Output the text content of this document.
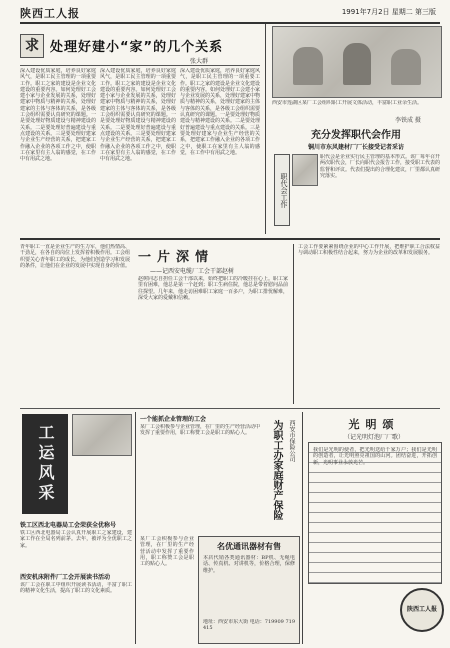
陕西工人报	1991年7月2日 星期二 第三版
求 处理好建小“家”的几个关系
张大群
深入建设优质家庭，培养良好家庭风气，是职工民主管理的一项重要工作。职工之家的建设是企业文化建设的重要内容。如何处理好工会建小家与企业发展的关系，处理好建家中物质与精神的关系，处理好建家的主体与客体的关系，是各级工会组织需要认真研究的课题。一是要处理好物质建设与精神建设的关系。二是要处理好普遍建设与重点建设的关系。三是要处理好建家与企业生产经营的关系，把建家工作融入企业的各项工作之中，使职工在家里有主人翁的感觉，在工作中有用武之地。
深入建设优质家庭，培养良好家庭风气，是职工民主管理的一项重要工作。职工之家的建设是企业文化建设的重要内容。如何处理好工会建小家与企业发展的关系，处理好建家中物质与精神的关系，处理好建家的主体与客体的关系，是各级工会组织需要认真研究的课题。一是要处理好物质建设与精神建设的关系。二是要处理好普遍建设与重点建设的关系。三是要处理好建家与企业生产经营的关系，把建家工作融入企业的各项工作之中，使职工在家里有主人翁的感觉，在工作中有用武之地。
深入建设优质家庭，培养良好家庭风气，是职工民主管理的一项重要工作。职工之家的建设是企业文化建设的重要内容。如何处理好工会建小家与企业发展的关系，处理好建家中物质与精神的关系，处理好建家的主体与客体的关系，是各级工会组织需要认真研究的课题。一是要处理好物质建设与精神建设的关系。二是要处理好普遍建设与重点建设的关系。三是要处理好建家与企业生产经营的关系，把建家工作融入企业的各项工作之中，使职工在家里有主人翁的感觉，在工作中有用武之地。
西安市莲湖区某厂工会组织职工开展文体活动，丰富职工业余生活。
李铁成 摄
充分发挥职代会作用
铜川市东风建材厂厂长接受记者采访
职代会工作
职代会是企业实行民主管理的基本形式。该厂每年召开两次职代会，厂长向职代会报告工作，接受职工代表的监督和评议。代表们提出的合理化建议，厂里都认真研究落实。
青年职工一直是企业生产的生力军，他们热情高、干劲足，在各自的岗位上发挥着积极作用。工会组织要关心青年职工的成长，为他们创造学习和发展的条件，让他们在企业的发展中实现自身的价值。
一片深情
——记西安电缆厂工会干部赵树
赵树同志自担任工会干部以来，始终把职工的冷暖挂在心上。职工家里有困难，他总是第一个赶到；职工生病住院，他总是带着慰问品前往探望。几年来，他走访困难职工家庭一百多户，为职工排忧解难，深受大家的爱戴和信赖。
工会工作要紧紧围绕企业的中心工作开展，把维护职工合法权益与调动职工积极性结合起来，努力为企业的改革和发展服务。
工运风采
铁工区西北电器局工会荣获全优称号
铁工区西北电器局工会认真开展职工之家建设，建家工作在全局名列前茅。去年，被评为全优职工之家。
西安机床附件厂工会开展读书活动
该厂工会在职工中组织开展读书活动，丰富了职工的精神文化生活，提高了职工的文化素质。
一个能抓企业管理的工会
某厂工会积极参与企业管理，在厂里的生产经营活动中发挥了重要作用，职工称赞工会是职工的贴心人。	为职工办家庭财产保险	西安市保险公司
名优通讯器材有售
本店代销各类通讯器材：BP机、无绳电话、传真机、对讲机等，价格合理，保修维护。
地址：西安市东大街 电话：719909 719415
某厂工会积极参与企业管理，在厂里的生产经营活动中发挥了重要作用，职工称赞工会是职工的贴心人。
光明颂
（记光明灯泡厂厂歌）
我们是光明的使者，把光明送给千家万户；我们是光明的创造者，让光明照亮祖国的山河。团结奋进，开拓创新，光明事业永放光芒。
陕西工人报
